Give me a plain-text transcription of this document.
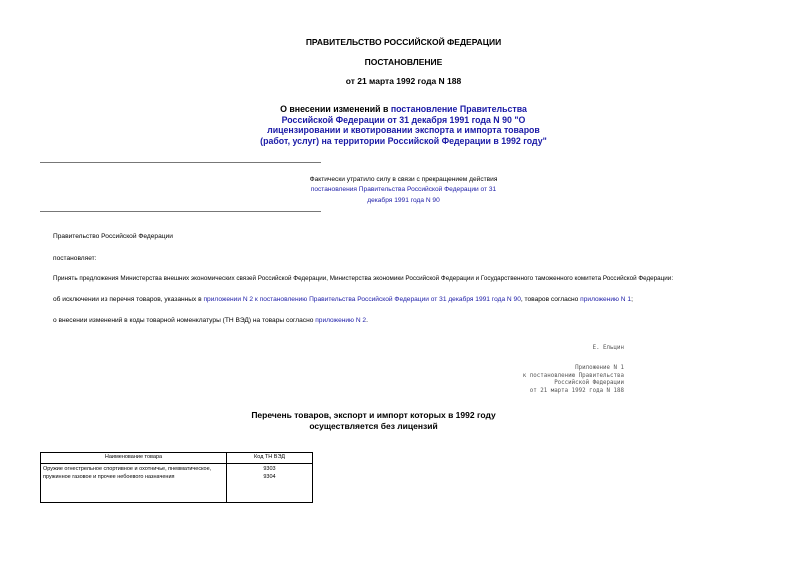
ПРАВИТЕЛЬСТВО РОССИЙСКОЙ ФЕДЕРАЦИИ
ПОСТАНОВЛЕНИЕ
от 21 марта 1992 года N 188
О внесении изменений в постановление Правительства Российской Федерации от 31 декабря 1991 года N 90 "О лицензировании и квотировании экспорта и импорта товаров (работ, услуг) на территории Российской Федерации в 1992 году"
Фактически утратило силу в связи с прекращением действия
постановления Правительства Российской Федерации от 31 декабря 1991 года N 90
Правительство Российской Федерации
постановляет:
Принять предложения Министерства внешних экономических связей Российской Федерации, Министерства экономики Российской Федерации и Государственного таможенного комитета Российской Федерации:
об исключении из перечня товаров, указанных в приложении N 2 к постановлению Правительства Российской Федерации от 31 декабря 1991 года N 90, товаров согласно приложению N 1;
о внесении изменений в коды товарной номенклатуры (ТН ВЭД) на товары согласно приложению N 2.
Е. Ельцин
Приложение N 1
к постановлению Правительства
Российской Федерации
от 21 марта 1992 года N 188
Перечень товаров, экспорт и импорт которых в 1992 году осуществляется без лицензий
Наименование товара	Код ТН ВЭД
Оружие огнестрельное спортивное и охотничье, пневматическое, пружинное газовое и прочее небоевого назначения	9303
9304
